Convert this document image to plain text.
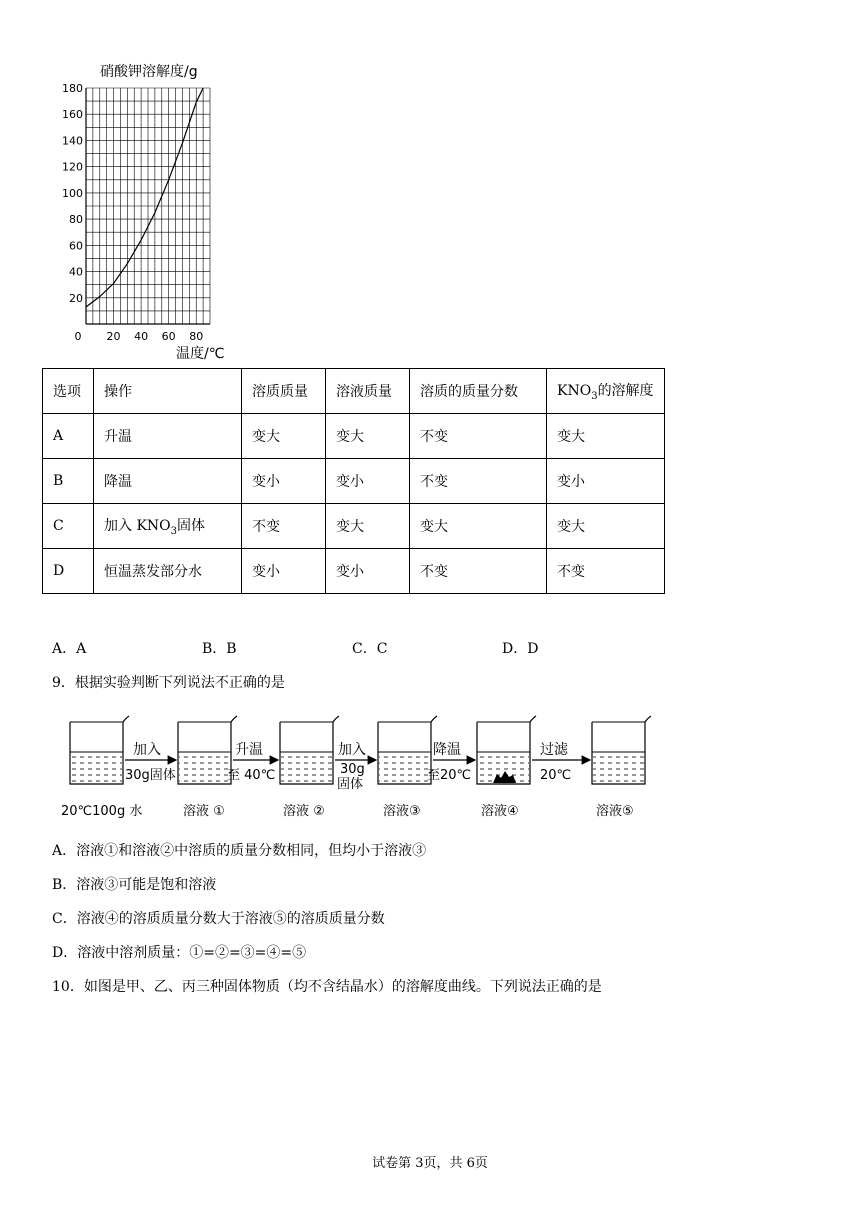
硝酸钾溶解度/g
20
40
60
80
100
120
140
160
180
0 20 40 60 80
温度/℃
选项	操作	溶质质量	溶液质量	溶质的质量分数	$KNO_3$的溶解度
A	升温	变大	变大	不变	变大
B	降温	变小	变小	不变	变小
C	加入 $KNO_3$固体	不变	变大	变大	变大
D	恒温蒸发部分水	变小	变小	不变	不变
A．A	B．B	C．C	D．D
9．根据实验判断下列说法不正确的是
加入
30g固体
升温
至 40℃
加入
30g
固体
降温
至20℃
过滤
20℃
20℃100g 水	溶液 ①	溶液 ②	溶液③	溶液④	溶液⑤
A．溶液①和溶液②中溶质的质量分数相同，但均小于溶液③
B．溶液③可能是饱和溶液
C．溶液④的溶质质量分数大于溶液⑤的溶质质量分数
D．溶液中溶剂质量：①=②=③=④=⑤
10．如图是甲、乙、丙三种固体物质（均不含结晶水）的溶解度曲线。下列说法正确的是
试卷第 3页，共 6页
